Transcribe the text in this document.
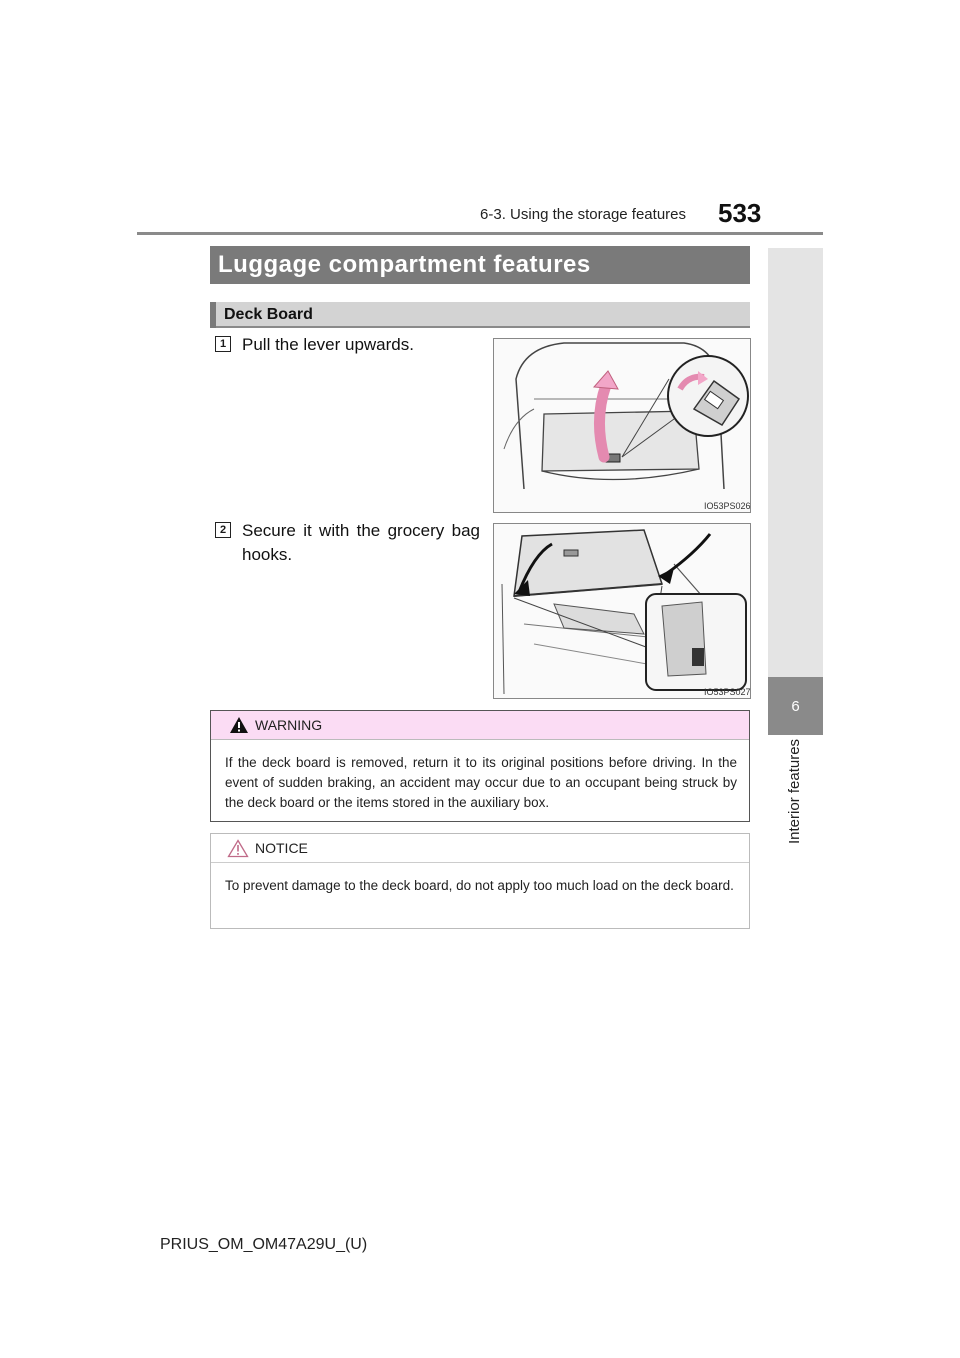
6-3. Using the storage features 533
6
Interior features
Luggage compartment features
Deck Board
1 Pull the lever upwards.
IO53PS026
2 Secure it with the grocery bag hooks.
IO53PS027
WARNING
If the deck board is removed, return it to its original positions before driving. In the event of sudden braking, an accident may occur due to an occupant being struck by the deck board or the items stored in the auxiliary box.
NOTICE
To prevent damage to the deck board, do not apply too much load on the deck board.
PRIUS_OM_OM47A29U_(U)
